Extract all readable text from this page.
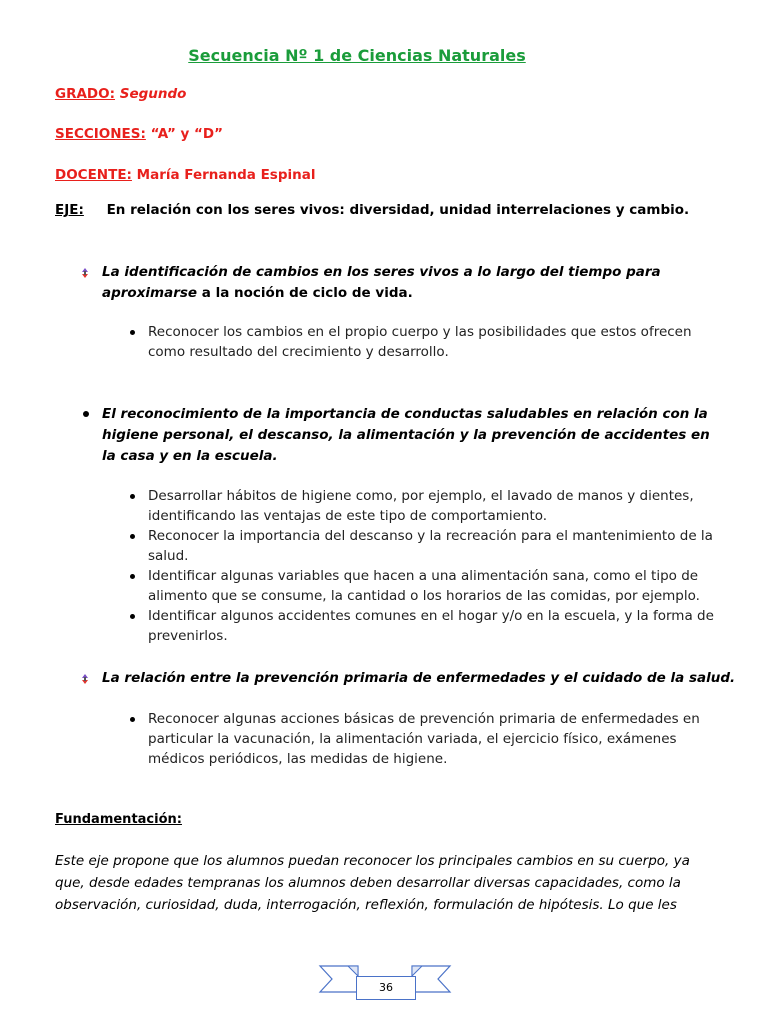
Secuencia Nº 1 de Ciencias Naturales
GRADO: Segundo
SECCIONES: “A” y “D”
DOCENTE: María Fernanda Espinal
EJE: En relación con los seres vivos: diversidad, unidad interrelaciones y cambio.
La identificación de cambios en los seres vivos a lo largo del tiempo para aproximarse a la noción de ciclo de vida.
Reconocer los cambios en el propio cuerpo y las posibilidades que estos ofrecen como resultado del crecimiento y desarrollo.
El reconocimiento de la importancia de conductas saludables en relación con la higiene personal, el descanso, la alimentación y la prevención de accidentes en la casa y en la escuela.
Desarrollar hábitos de higiene como, por ejemplo, el lavado de manos y dientes, identificando las ventajas de este tipo de comportamiento.
Reconocer la importancia del descanso y la recreación para el mantenimiento de la salud.
Identificar algunas variables que hacen a una alimentación sana, como el tipo de alimento que se consume, la cantidad o los horarios de las comidas, por ejemplo.
Identificar algunos accidentes comunes en el hogar y/o en la escuela, y la forma de prevenirlos.
La relación entre la prevención primaria de enfermedades y el cuidado de la salud.
Reconocer algunas acciones básicas de prevención primaria de enfermedades en particular la vacunación, la alimentación variada, el ejercicio físico, exámenes médicos periódicos, las medidas de higiene.
Fundamentación:
Este eje propone que los alumnos puedan reconocer los principales cambios en su cuerpo, ya que, desde edades tempranas los alumnos deben desarrollar diversas capacidades, como la observación, curiosidad, duda, interrogación, reflexión, formulación de hipótesis. Lo que les
36
